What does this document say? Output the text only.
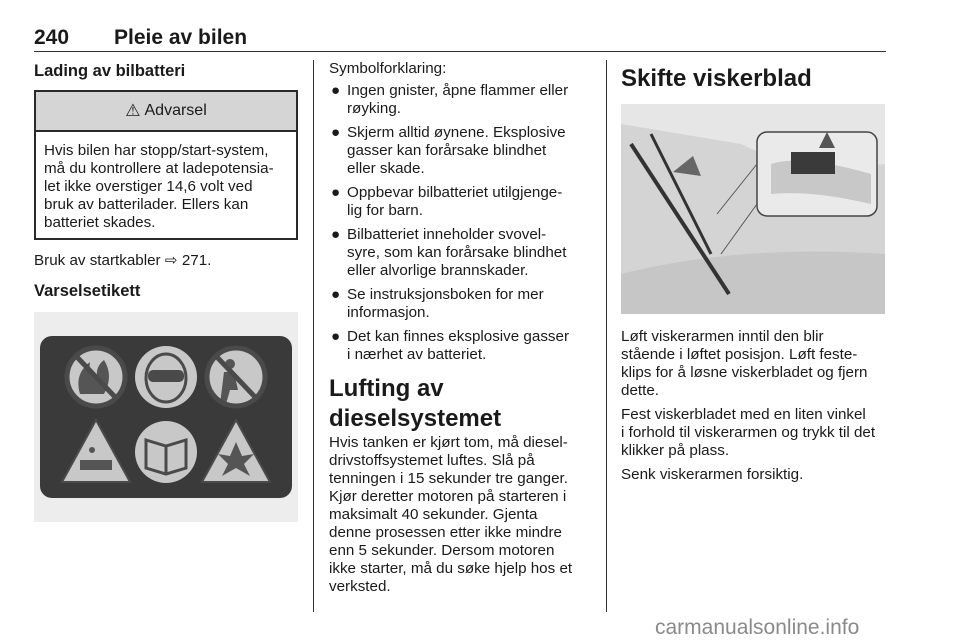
240 Pleie av bilen
Lading av bilbatteri
⚠ Advarsel
Hvis bilen har stopp/start-system,
må du kontrollere at ladepotensia-
let ikke overstiger 14,6 volt ved
bruk av batterilader. Ellers kan
batteriet skades.

Bruk av startkabler ⇨ 271.

Varselsetikett

Symbolforklaring:

● Ingen gnister, åpne flammer eller
røyking.
● Skjerm alltid øynene. Eksplosive
gasser kan forårsake blindhet
eller skade.
● Oppbevar bilbatteriet utilgjenge-
lig for barn.
● Bilbatteriet inneholder svovel-
syre, som kan forårsake blindhet
eller alvorlige brannskader.
● Se instruksjonsboken for mer
informasjon.
● Det kan finnes eksplosive gasser
i nærhet av batteriet.
Lufting av dieselsystemet
Hvis tanken er kjørt tom, må diesel-
drivstoffsystemet luftes. Slå på
tenningen i 15 sekunder tre ganger.
Kjør deretter motoren på starteren i
maksimalt 40 sekunder. Gjenta
denne prosessen etter ikke mindre
enn 5 sekunder. Dersom motoren
ikke starter, må du søke hjelp hos et
verksted.
Skifte viskerblad
Løft viskerarmen inntil den blir
stående i løftet posisjon. Løft feste-
klips for å løsne viskerbladet og fjern
dette.
Fest viskerbladet med en liten vinkel
i forhold til viskerarmen og trykk til det
klikker på plass.

Senk viskerarmen forsiktig.

carmanualsonline.info
